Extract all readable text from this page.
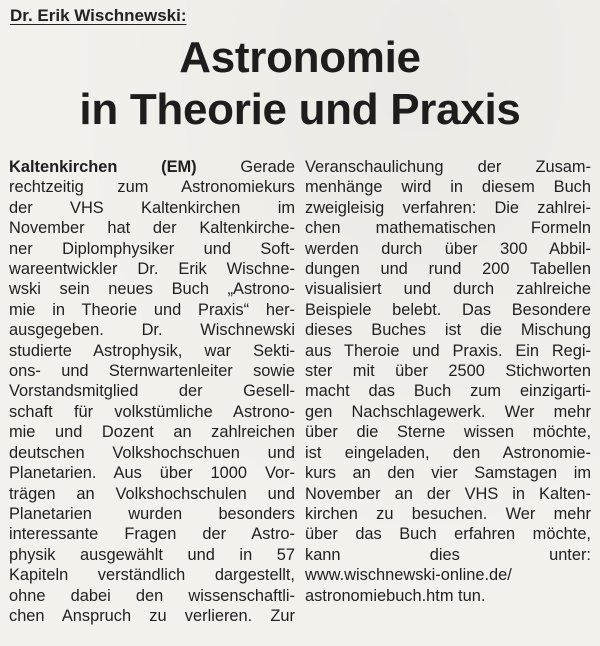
Dr. Erik Wischnewski:
Astronomie
in Theorie und Praxis
Kaltenkirchen (EM) Gerade
rechtzeitig zum Astronomiekurs
der VHS Kaltenkirchen im
November hat der Kaltenkirche-
ner Diplomphysiker und Soft-
wareentwickler Dr. Erik Wischne-
wski sein neues Buch „Astrono-
mie in Theorie und Praxis“ her-
ausgegeben. Dr. Wischnewski
studierte Astrophysik, war Sekti-
ons- und Sternwartenleiter sowie
Vorstandsmitglied der Gesell-
schaft für volkstümliche Astrono-
mie und Dozent an zahlreichen
deutschen Volkshochschuen und
Planetarien. Aus über 1000 Vor-
trägen an Volkshochschulen und
Planetarien wurden besonders
interessante Fragen der Astro-
physik ausgewählt und in 57
Kapiteln verständlich dargestellt,
ohne dabei den wissenschaftli-
chen Anspruch zu verlieren. Zur
Veranschaulichung der Zusam-
menhänge wird in diesem Buch
zweigleisig verfahren: Die zahlrei-
chen mathematischen Formeln
werden durch über 300 Abbil-
dungen und rund 200 Tabellen
visualisiert und durch zahlreiche
Beispiele belebt. Das Besondere
dieses Buches ist die Mischung
aus Theroie und Praxis. Ein Regi-
ster mit über 2500 Stichworten
macht das Buch zum einzigarti-
gen Nachschlagewerk. Wer mehr
über die Sterne wissen möchte,
ist eingeladen, den Astronomie-
kurs an den vier Samstagen im
November an der VHS in Kalten-
kirchen zu besuchen. Wer mehr
über das Buch erfahren möchte,
kann dies unter:
www.wischnewski-online.de/
astronomiebuch.htm tun.
